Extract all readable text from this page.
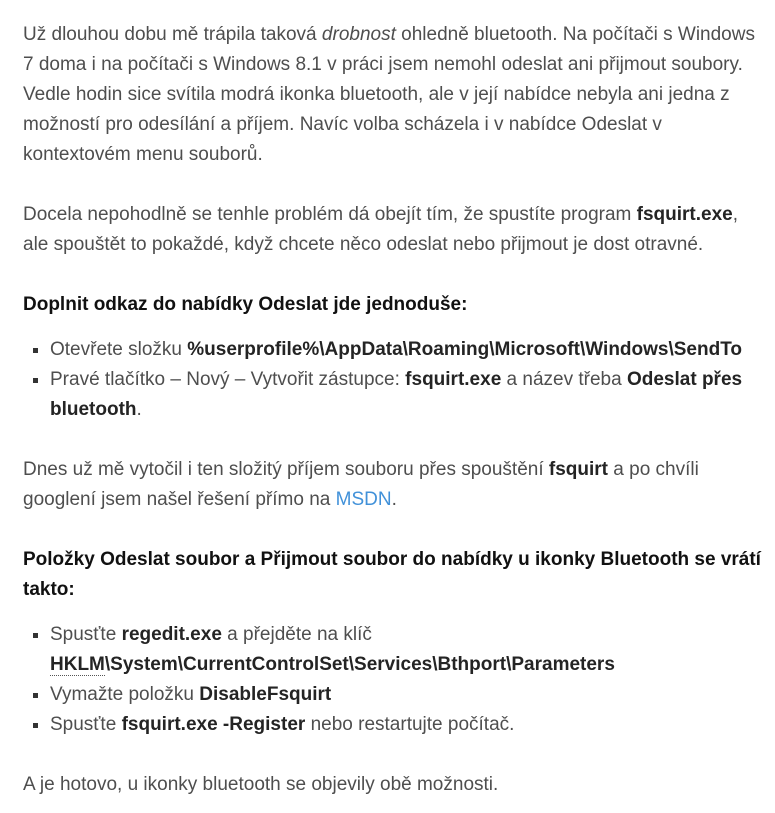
Už dlouhou dobu mě trápila taková drobnost ohledně bluetooth. Na počítači s Windows 7 doma i na počítači s Windows 8.1 v práci jsem nemohl odeslat ani přijmout soubory. Vedle hodin sice svítila modrá ikonka bluetooth, ale v její nabídce nebyla ani jedna z možností pro odesílání a příjem. Navíc volba scházela i v nabídce Odeslat v kontextovém menu souborů.

Docela nepohodlně se tenhle problém dá obejít tím, že spustíte program fsquirt.exe, ale spouštět to pokaždé, když chcete něco odeslat nebo přijmout je dost otravné.

Doplnit odkaz do nabídky Odeslat jde jednoduše:
▪ Otevřete složku %userprofile%\AppData\Roaming\Microsoft\Windows\SendTo
▪ Pravé tlačítko – Nový – Vytvořit zástupce: fsquirt.exe a název třeba Odeslat přes bluetooth.

Dnes už mě vytočil i ten složitý příjem souboru přes spouštění fsquirt a po chvíli googlení jsem našel řešení přímo na MSDN.

Položky Odeslat soubor a Přijmout soubor do nabídky u ikonky Bluetooth se vrátí takto:
▪ Spusťte regedit.exe a přejděte na klíč HKLM\System\CurrentControlSet\Services\Bthport\Parameters
▪ Vymažte položku DisableFsquirt
▪ Spusťte fsquirt.exe -Register nebo restartujte počítač.

A je hotovo, u ikonky bluetooth se objevily obě možnosti.
